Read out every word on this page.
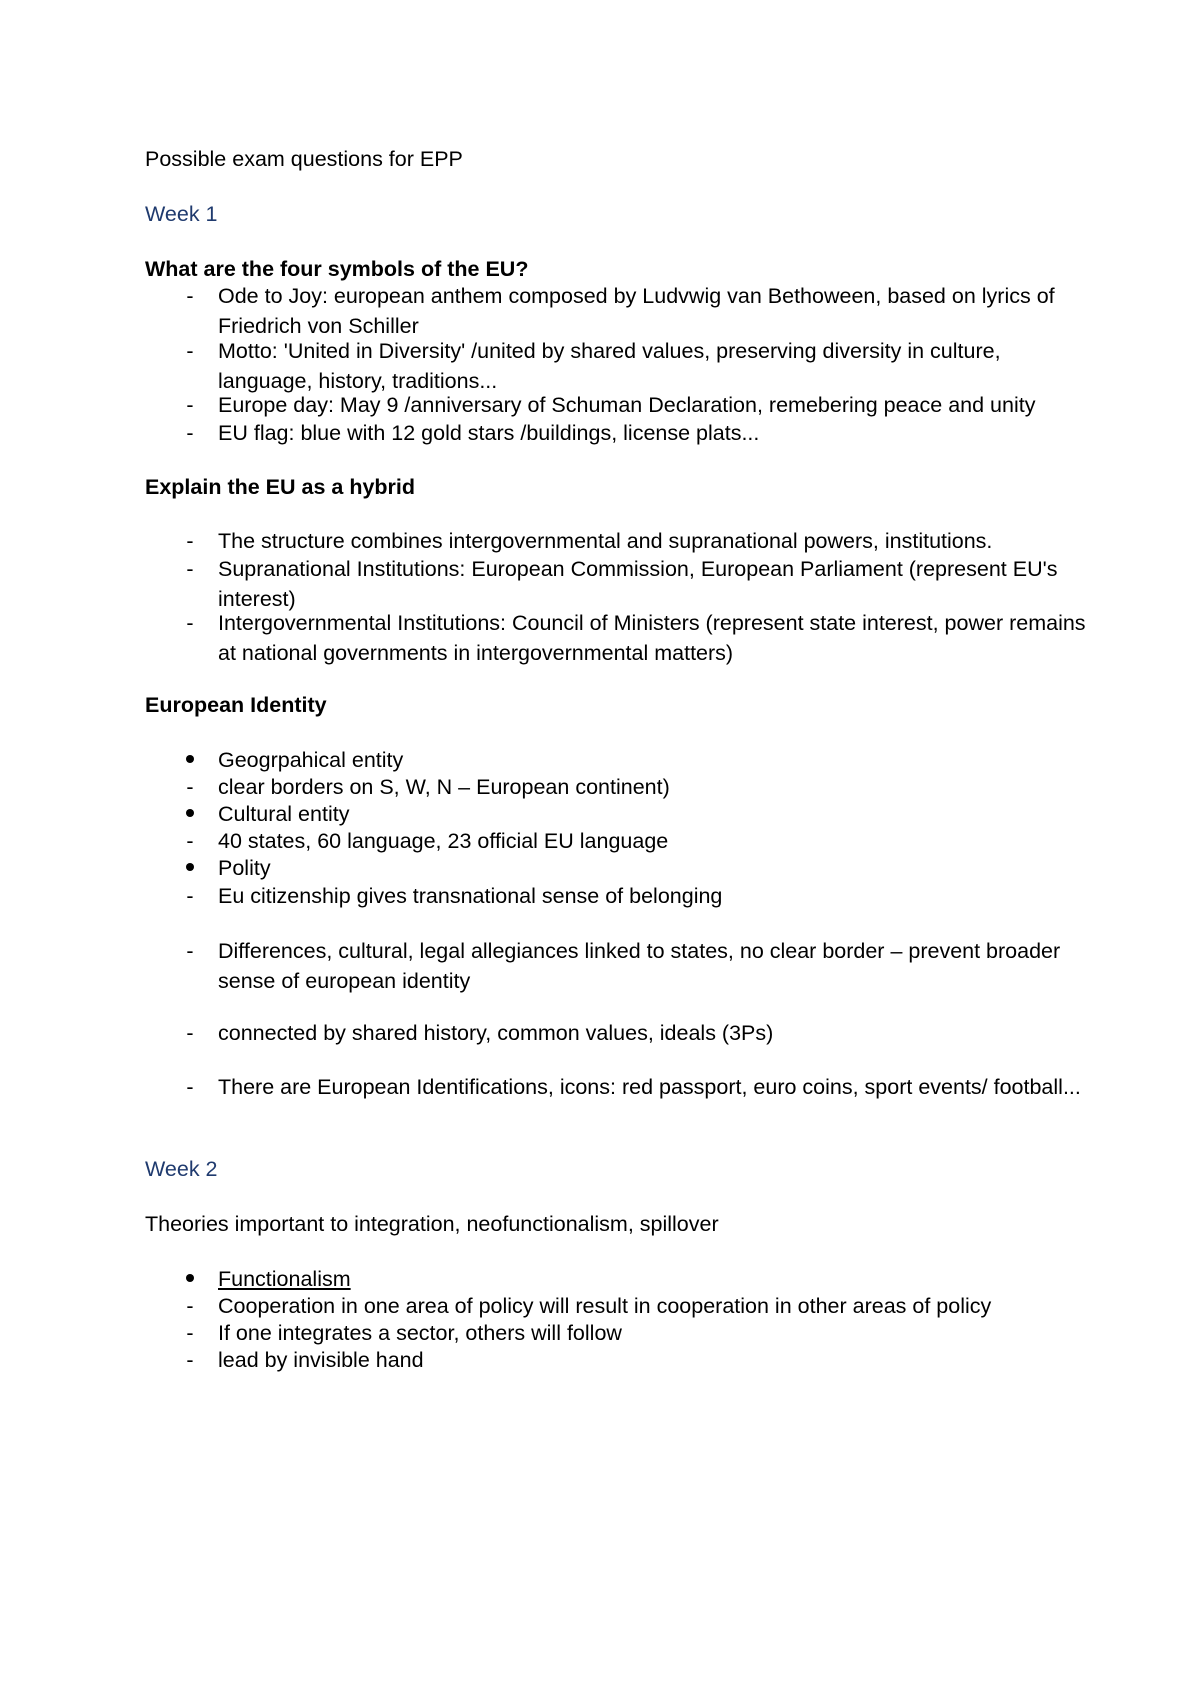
Possible exam questions for EPP
Week 1
What are the four symbols of the EU?
- Ode to Joy: european anthem composed by Ludvwig van Bethoween, based on lyrics of Friedrich von Schiller
- Motto: 'United in Diversity' /united by shared values, preserving diversity in culture, language, history, traditions...
- Europe day: May 9 /anniversary of Schuman Declaration, remebering peace and unity
- EU flag: blue with 12 gold stars /buildings, license plats...
Explain the EU as a hybrid
- The structure combines intergovernmental and supranational powers, institutions.
- Supranational Institutions: European Commission, European Parliament (represent EU's interest)
- Intergovernmental Institutions: Council of Ministers (represent state interest, power remains at national governments in intergovernmental matters)
European Identity
Geogrpahical entity
- clear borders on S, W, N – European continent)
Cultural entity
- 40 states, 60 language, 23 official EU language
Polity
- Eu citizenship gives transnational sense of belonging
- Differences, cultural, legal allegiances linked to states, no clear border – prevent broader sense of european identity
- connected by shared history, common values, ideals (3Ps)
- There are European Identifications, icons: red passport, euro coins, sport events/ football...
Week 2
Theories important to integration, neofunctionalism, spillover
Functionalism
- Cooperation in one area of policy will result in cooperation in other areas of policy
- If one integrates a sector, others will follow
- lead by invisible hand
